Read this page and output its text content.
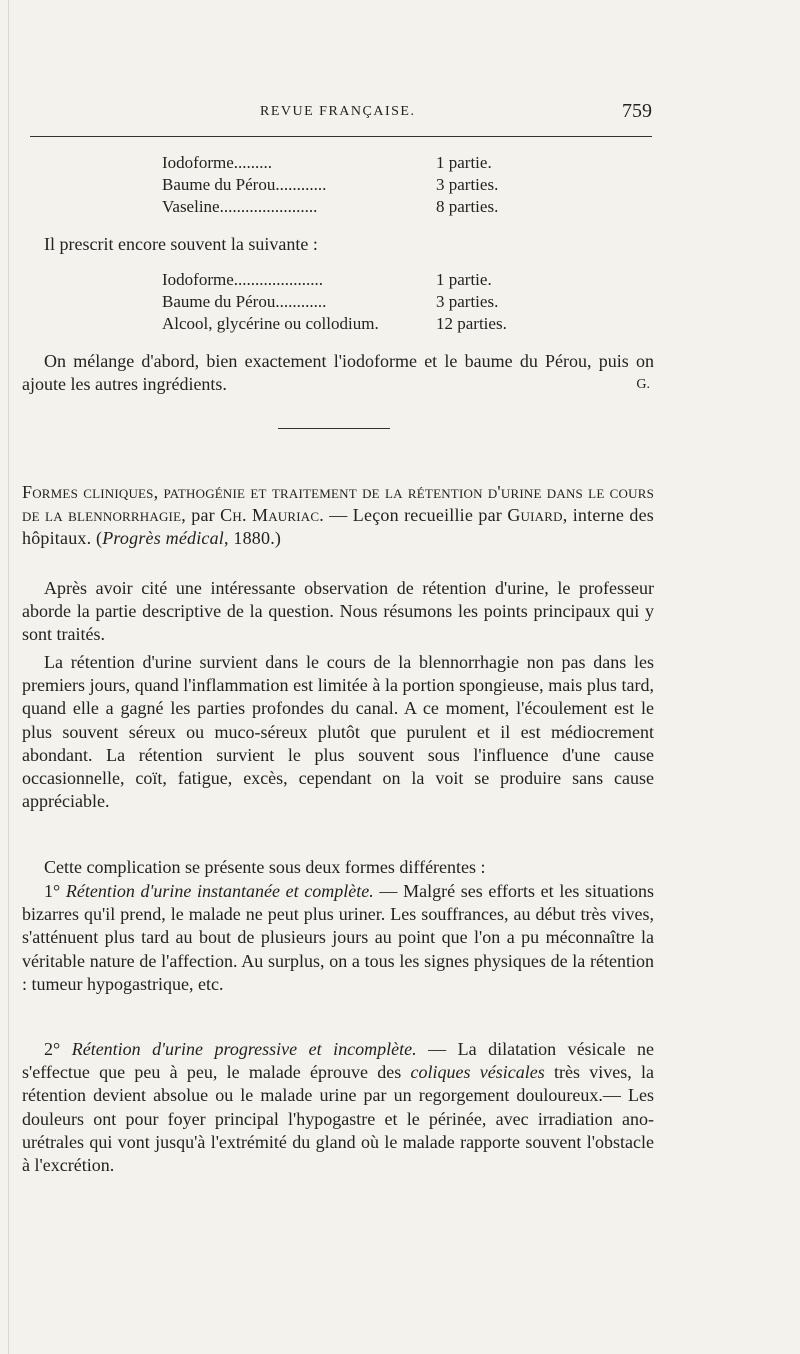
REVUE FRANÇAISE.	759
Iodoforme.........	1 partie.
Baume du Pérou............	3 parties.
Vaseline.......................	8 parties.

Il prescrit encore souvent la suivante :

Iodoforme.....................	1 partie.
Baume du Pérou............	3 parties.
Alcool, glycérine ou collodium.	12 parties.

On mélange d'abord, bien exactement l'iodoforme et le baume du Pérou, puis on ajoute les autres ingrédients.	G.

Formes cliniques, pathogénie et traitement de la rétention d'urine dans le cours de la blennorrhagie, par Ch. Mauriac. — Leçon recueillie par Guiard, interne des hôpitaux. (Progrès médical, 1880.)

Après avoir cité une intéressante observation de rétention d'urine, le professeur aborde la partie descriptive de la question. Nous résumons les points principaux qui y sont traités.

La rétention d'urine survient dans le cours de la blennorrhagie non pas dans les premiers jours, quand l'inflammation est limitée à la portion spongieuse, mais plus tard, quand elle a gagné les parties profondes du canal. A ce moment, l'écoulement est le plus souvent séreux ou muco-séreux plutôt que purulent et il est médiocrement abondant. La rétention survient le plus souvent sous l'influence d'une cause occasionnelle, coït, fatigue, excès, cependant on la voit se produire sans cause appréciable.

Cette complication se présente sous deux formes différentes :

1° Rétention d'urine instantanée et complète. — Malgré ses efforts et les situations bizarres qu'il prend, le malade ne peut plus uriner. Les souffrances, au début très vives, s'atténuent plus tard au bout de plusieurs jours au point que l'on a pu méconnaître la véritable nature de l'affection. Au surplus, on a tous les signes physiques de la rétention : tumeur hypogastrique, etc.

2° Rétention d'urine progressive et incomplète. — La dilatation vésicale ne s'effectue que peu à peu, le malade éprouve des coliques vésicales très vives, la rétention devient absolue ou le malade urine par un regorgement douloureux.— Les douleurs ont pour foyer principal l'hypogastre et le périnée, avec irradiation ano-urétrales qui vont jusqu'à l'extrémité du gland où le malade rapporte souvent l'obstacle à l'excrétion.
